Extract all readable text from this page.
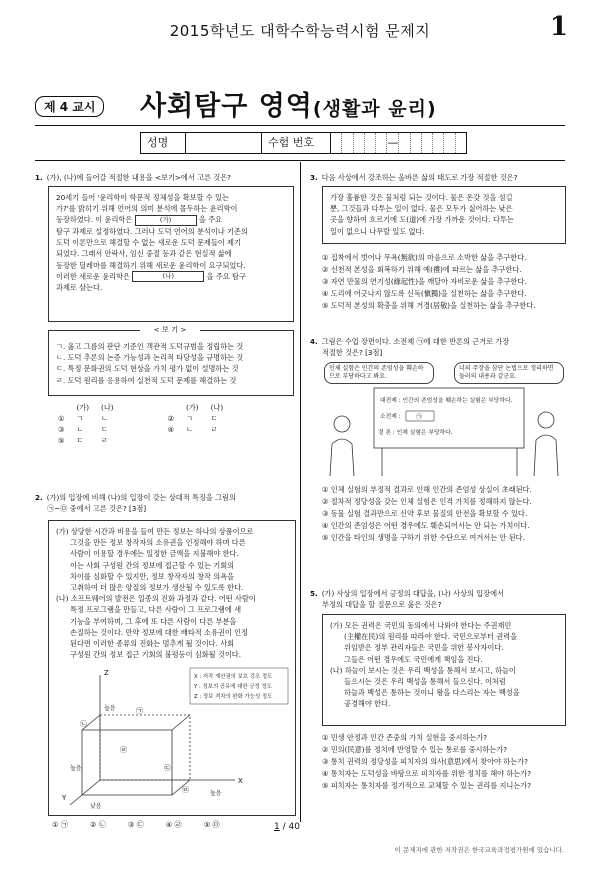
2015학년도 대학수학능력시험 문제지	1
제 4 교시	사회탐구 영역(생활과 윤리)
성명	수험 번호	—
1. (가), (나)에 들어갈 적절한 내용을 <보기>에서 고른 것은?
20세기 들어 '윤리학이 학문적 정체성을 확보할 수 있는
가?'를 밝히기 위해 언어의 의미 분석에 몰두하는 윤리학이
등장하였다. 이 윤리학은	(가)	을 주요
탐구 과제로 설정하였다. 그러나 도덕 언어의 분석이나 기존의
도덕 이론만으로 해결할 수 없는 새로운 도덕 문제들이 제기
되었다. 그래서 안락사, 임신 중절 등과 같은 현실적 삶에
등장한 딜레마를 해결하기 위해 새로운 윤리학이 요구되었다.
이러한 새로운 윤리학은	(나)	을 주요 탐구
과제로 삼는다.
ㄱ. 옳고 그름의 판단 기준인 객관적 도덕규범을 정립하는 것
ㄴ. 도덕 추론의 논증 가능성과 논리적 타당성을 규명하는 것
ㄷ. 특정 문화권의 도덕 현상을 가치 평가 없이 설명하는 것
ㄹ. 도덕 원리를 응용하여 실천적 도덕 문제를 해결하는 것
< 보 기 >
	(가)	(나)			(가)	(나)
①	ㄱ	ㄴ		②	ㄱ	ㄷ
③	ㄴ	ㄷ		④	ㄴ	ㄹ
⑤	ㄷ	ㄹ				
2. (가)의 입장에 비해 (나)의 입장이 갖는 상대적 특징을 그림의
㉠~㉤ 중에서 고른 것은? [3점]
(가) 상당한 시간과 비용을 들여 만든 정보는 하나의 상품이므로
그것을 만든 정보 창작자의 소유권을 인정해야 하며 다른
사람이 이용할 경우에는 일정한 금액을 지불해야 한다.
이는 사회 구성원 간의 정보에 접근할 수 있는 기회의
차이를 심화할 수 있지만, 정보 창작자의 창작 의욕을
고취하여 더 많은 양질의 정보가 생산될 수 있도록 한다.
(나) 소프트웨어의 발전은 일종의 진화 과정과 같다. 어떤 사람이
특정 프로그램을 만들고, 다른 사람이 그 프로그램에 새
기능을 부여하며, 그 후에 또 다른 사람이 다른 부분을
손질하는 것이다. 만약 정보에 대한 배타적 소유권이 인정
된다면 이러한 종류의 진화는 멈추게 될 것이다. 사회
구성원 간의 정보 접근 기회의 불평등이 심화될 것이다.
Z
X
Y
㉠
㉡
㉢
㉣
㉤
높음
높음
낮음
높음
X : 저작 재산권의 보호 강조 정도
Y : 정보의 공유에 대한 긍정 정도
Z : 정보 격차의 완화 가능성 정도
① ㉠	② ㉡	③ ㉢	④ ㉣	⑤ ㉤
3. 다음 사상에서 강조하는 올바른 삶의 태도로 가장 적절한 것은?
가장 훌륭한 것은 물처럼 되는 것이다. 물은 온갖 것을 섬길
뿐, 그것들과 다투는 일이 없다. 물은 모두가 싫어하는 낮은
곳을 향하여 흐르기에 도(道)에 가장 가까운 것이다. 다투는
일이 없으니 나무랄 일도 없다.
① 집착에서 벗어나 무욕(無欲)의 마음으로 소박한 삶을 추구한다.
② 선천적 본성을 회복하기 위해 예(禮)에 따르는 삶을 추구한다.
③ 자연 만물의 연기성(緣起性)을 깨달아 자비로운 삶을 추구한다.
④ 도리에 어긋나지 않도록 신독(愼獨)을 실천하는 삶을 추구한다.
⑤ 도덕적 본성의 확충을 위해 거경(居敬)을 실천하는 삶을 추구한다.
4. 그림은 수업 장면이다. 소전제 ㉠에 대한 반론의 근거로 가장
적절한 것은? [3점]
인체 실험은 인간의 존엄성을 훼손하므로 부당하다고 봐요.
너의 주장을 삼단 논법으로 정리하면 둘러의 내용과 같군요.
대전제 : 인간의 존엄성을 훼손하는 실험은 부당하다.
소전제 :
결 론 : 인체 실험은 부당하다.
㉠
① 인체 실험의 부정적 결과로 인해 인간의 존엄성 상실이 초래된다.
② 절차적 정당성을 갖는 인체 실험은 인격 가치를 정해하지 않는다.
③ 동물 실험 결과만으로 신약 후보 물질의 안전을 확보할 수 있다.
④ 인간의 존엄성은 어떤 경우에도 훼손되어서는 안 되는 가치이다.
⑤ 인간을 타인의 생명을 구하기 위한 수단으로 여겨서는 안 된다.
5. (가) 사상의 입장에서 긍정의 대답을, (나) 사상의 입장에서
부정의 대답을 할 질문으로 옳은 것은?
(가) 모든 권력은 국민의 동의에서 나와야 한다는 주권재민
(主權在民)의 원리를 따라야 한다. 국민으로부터 권력을
위임받은 정부 관리자들은 국민을 위한 봉사자이다.
그들은 어떤 경우에도 국민에게 책임을 진다.
(나) 하늘이 보시는 것은 우리 백성을 통해서 보시고, 하늘이
들으시는 것은 우리 백성을 통해서 들으신다. 이처럼
하늘과 백성은 통하는 것이니 왕을 다스리는 자는 백성을
공경해야 한다.
① 민생 안정과 인간 존중의 가치 실현을 중시하는가?
② 민의(民意)를 정치에 반영할 수 있는 통로를 중시하는가?
③ 통치 권력의 정당성을 피치자의 의사(意思)에서 찾아야 하는가?
④ 통치자는 도덕성을 바탕으로 피치자를 위한 정치를 해야 하는가?
⑤ 피치자는 통치자를 정기적으로 교체할 수 있는 권리를 지니는가?
1 / 40
이 문제지에 관한 저작권은 한국교육과정평가원에 있습니다.
